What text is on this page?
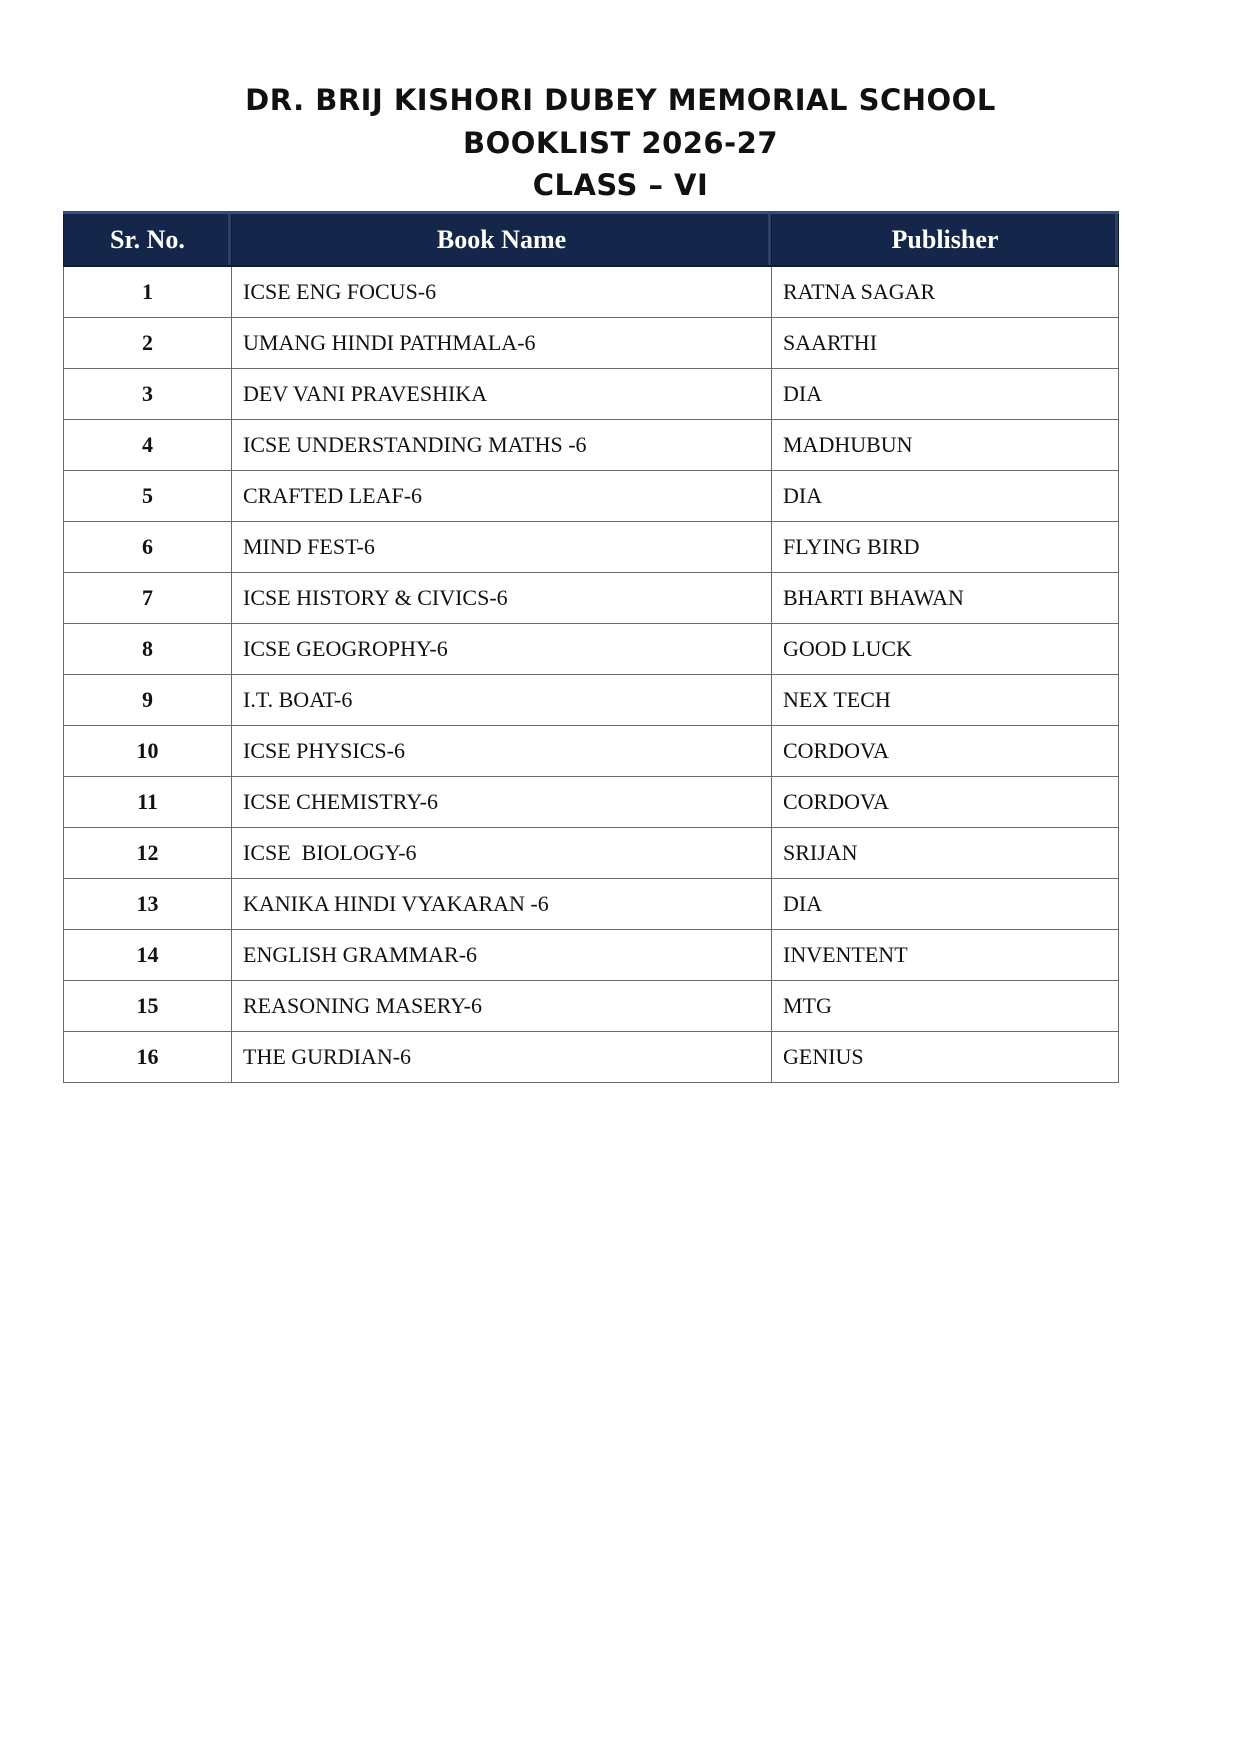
DR. BRIJ KISHORI DUBEY MEMORIAL SCHOOL
BOOKLIST 2026-27
CLASS – VI
Sr. No.	Book Name	Publisher
1	ICSE ENG FOCUS-6	RATNA SAGAR
2	UMANG HINDI PATHMALA-6	SAARTHI
3	DEV VANI PRAVESHIKA	DIA
4	ICSE UNDERSTANDING MATHS -6	MADHUBUN
5	CRAFTED LEAF-6	DIA
6	MIND FEST-6	FLYING BIRD
7	ICSE HISTORY & CIVICS-6	BHARTI BHAWAN
8	ICSE GEOGROPHY-6	GOOD LUCK
9	I.T. BOAT-6	NEX TECH
10	ICSE PHYSICS-6	CORDOVA
11	ICSE CHEMISTRY-6	CORDOVA
12	ICSE  BIOLOGY-6	SRIJAN
13	KANIKA HINDI VYAKARAN -6	DIA
14	ENGLISH GRAMMAR-6	INVENTENT
15	REASONING MASERY-6	MTG
16	THE GURDIAN-6	GENIUS
